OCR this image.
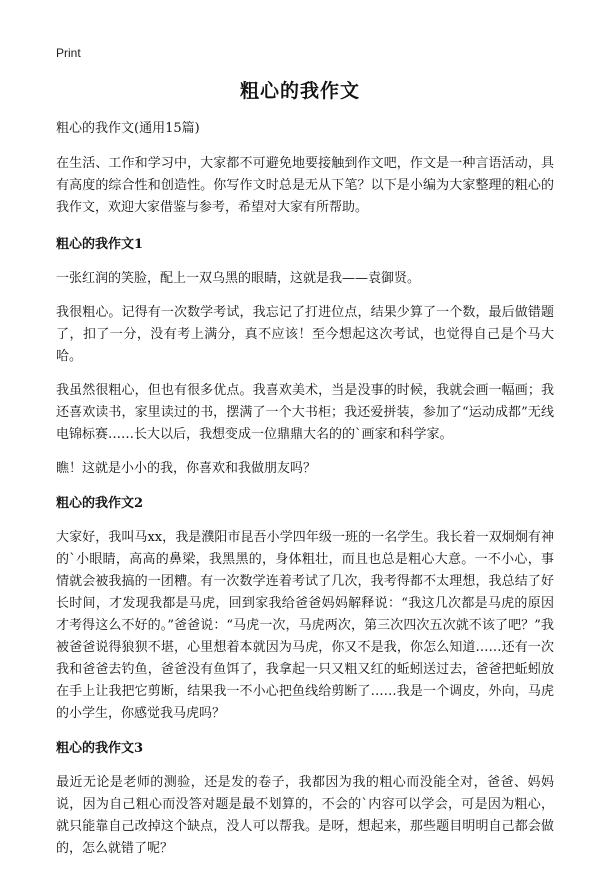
Print
粗心的我作文

粗心的我作文(通用15篇)

在生活、工作和学习中，大家都不可避免地要接触到作文吧，作文是一种言语活动，具有高度的综合性和创造性。你写作文时总是无从下笔？以下是小编为大家整理的粗心的我作文，欢迎大家借鉴与参考，希望对大家有所帮助。

粗心的我作文1

一张红润的笑脸，配上一双乌黑的眼睛，这就是我——袁御贤。

我很粗心。记得有一次数学考试，我忘记了打进位点，结果少算了一个数，最后做错题了，扣了一分，没有考上满分，真不应该！至今想起这次考试，也觉得自己是个马大哈。

我虽然很粗心，但也有很多优点。我喜欢美术，当是没事的时候，我就会画一幅画；我还喜欢读书，家里读过的书，摆满了一个大书柜；我还爱拼装，参加了“运动成都”无线电锦标赛……长大以后，我想变成一位鼎鼎大名的的`画家和科学家。

瞧！这就是小小的我，你喜欢和我做朋友吗？

粗心的我作文2

大家好，我叫马xx，我是濮阳市昆吾小学四年级一班的一名学生。我长着一双炯炯有神的`小眼睛，高高的鼻梁，我黑黑的，身体粗壮，而且也总是粗心大意。一不小心，事情就会被我搞的一团糟。有一次数学连着考试了几次，我考得都不太理想，我总结了好长时间，才发现我都是马虎，回到家我给爸爸妈妈解释说：“我这几次都是马虎的原因才考得这么不好的。”爸爸说：“马虎一次，马虎两次，第三次四次五次就不该了吧？”我被爸爸说得狼狈不堪，心里想着本就因为马虎，你又不是我，你怎么知道……还有一次我和爸爸去钓鱼，爸爸没有鱼饵了，我拿起一只又粗又红的蚯蚓送过去，爸爸把蚯蚓放在手上让我把它剪断，结果我一不小心把鱼线给剪断了……我是一个调皮，外向，马虎的小学生，你感觉我马虎吗？

粗心的我作文3

最近无论是老师的测验，还是发的卷子，我都因为我的粗心而没能全对，爸爸、妈妈说，因为自己粗心而没答对题是最不划算的，不会的`内容可以学会，可是因为粗心，就只能靠自己改掉这个缺点，没人可以帮我。是呀，想起来，那些题目明明自己都会做的，怎么就错了呢？
